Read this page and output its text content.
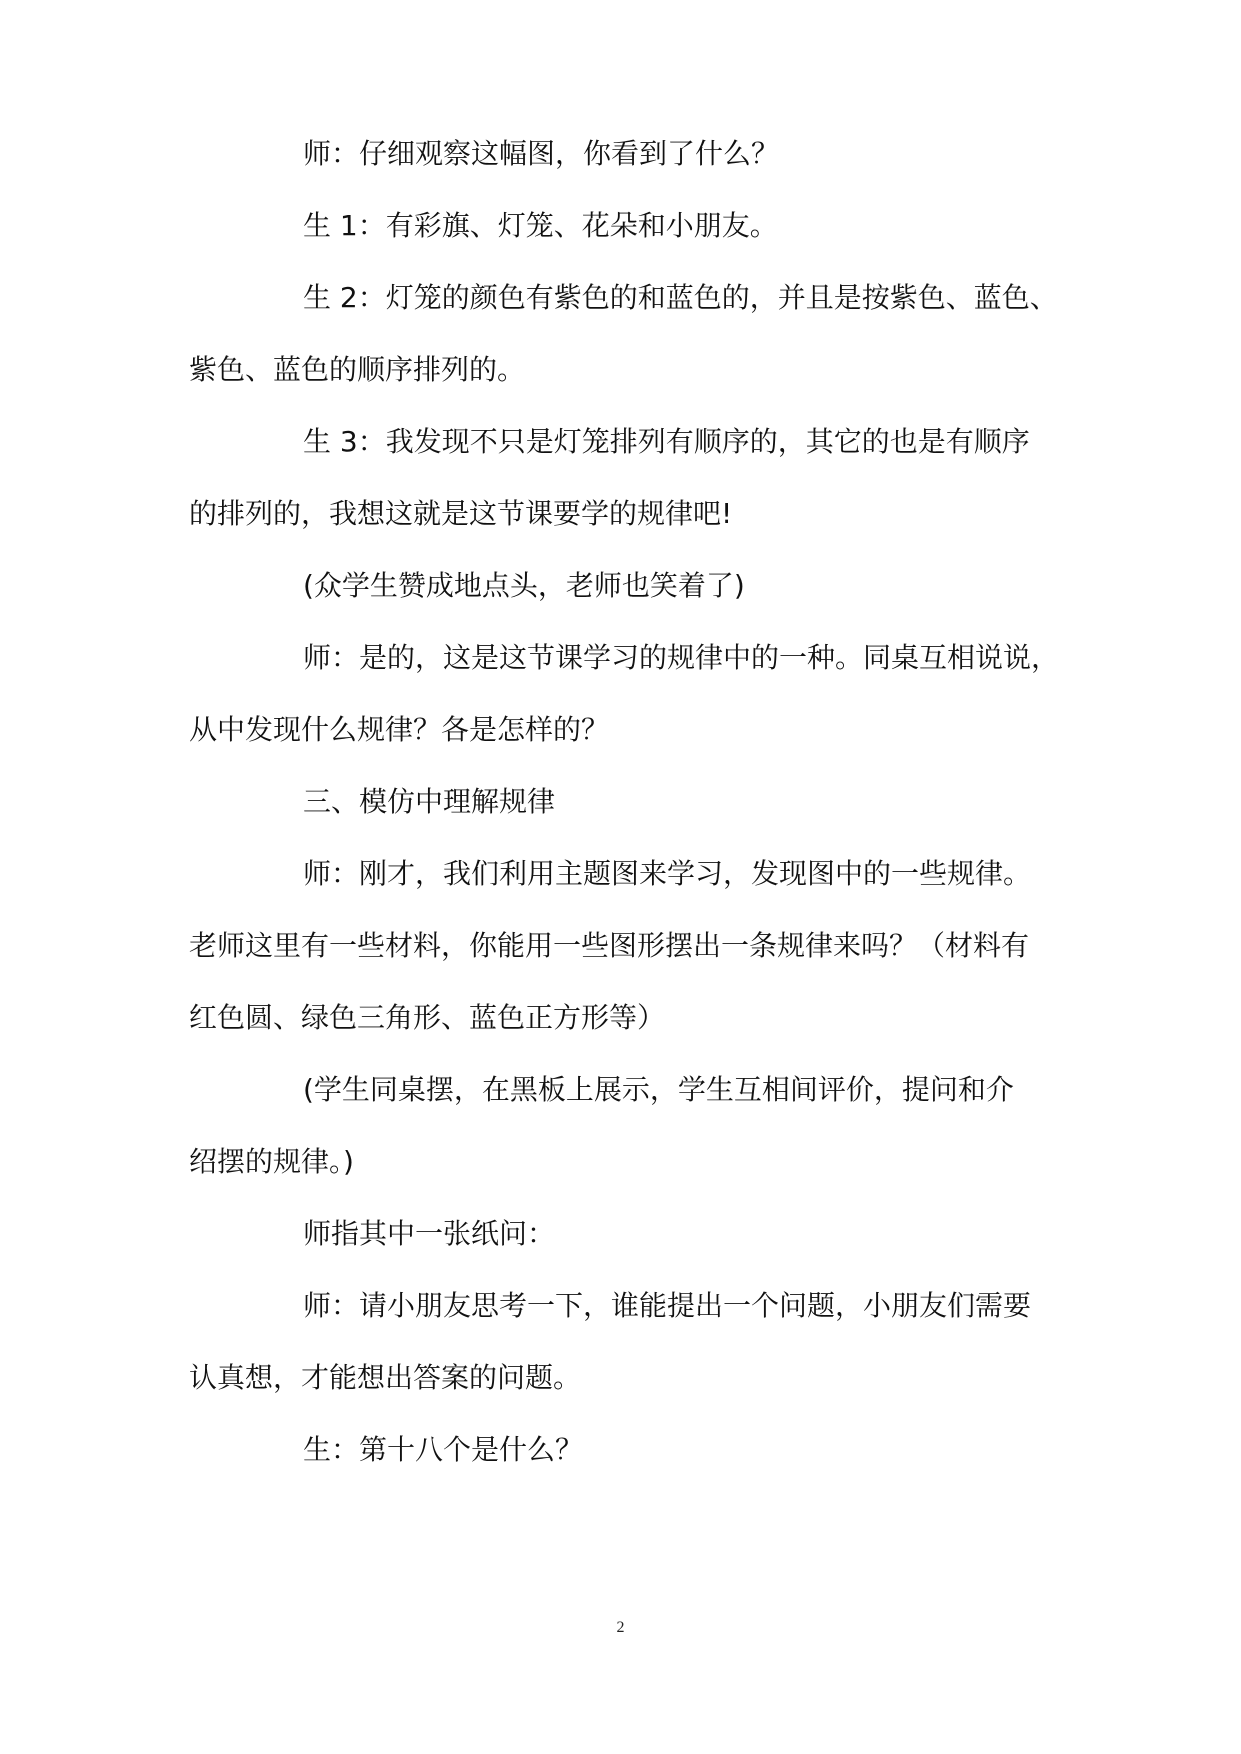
师：仔细观察这幅图，你看到了什么？
生 1：有彩旗、灯笼、花朵和小朋友。
生 2：灯笼的颜色有紫色的和蓝色的，并且是按紫色、蓝色、
紫色、蓝色的顺序排列的。
生 3：我发现不只是灯笼排列有顺序的，其它的也是有顺序
的排列的，我想这就是这节课要学的规律吧!
(众学生赞成地点头，老师也笑着了)
师：是的，这是这节课学习的规律中的一种。同桌互相说说，
从中发现什么规律？各是怎样的？
三、模仿中理解规律
师：刚才，我们利用主题图来学习，发现图中的一些规律。
老师这里有一些材料，你能用一些图形摆出一条规律来吗？（材料有
红色圆、绿色三角形、蓝色正方形等）
(学生同桌摆，在黑板上展示，学生互相间评价，提问和介
绍摆的规律。)
师指其中一张纸问：
师：请小朋友思考一下，谁能提出一个问题，小朋友们需要
认真想，才能想出答案的问题。
生：第十八个是什么？
2
